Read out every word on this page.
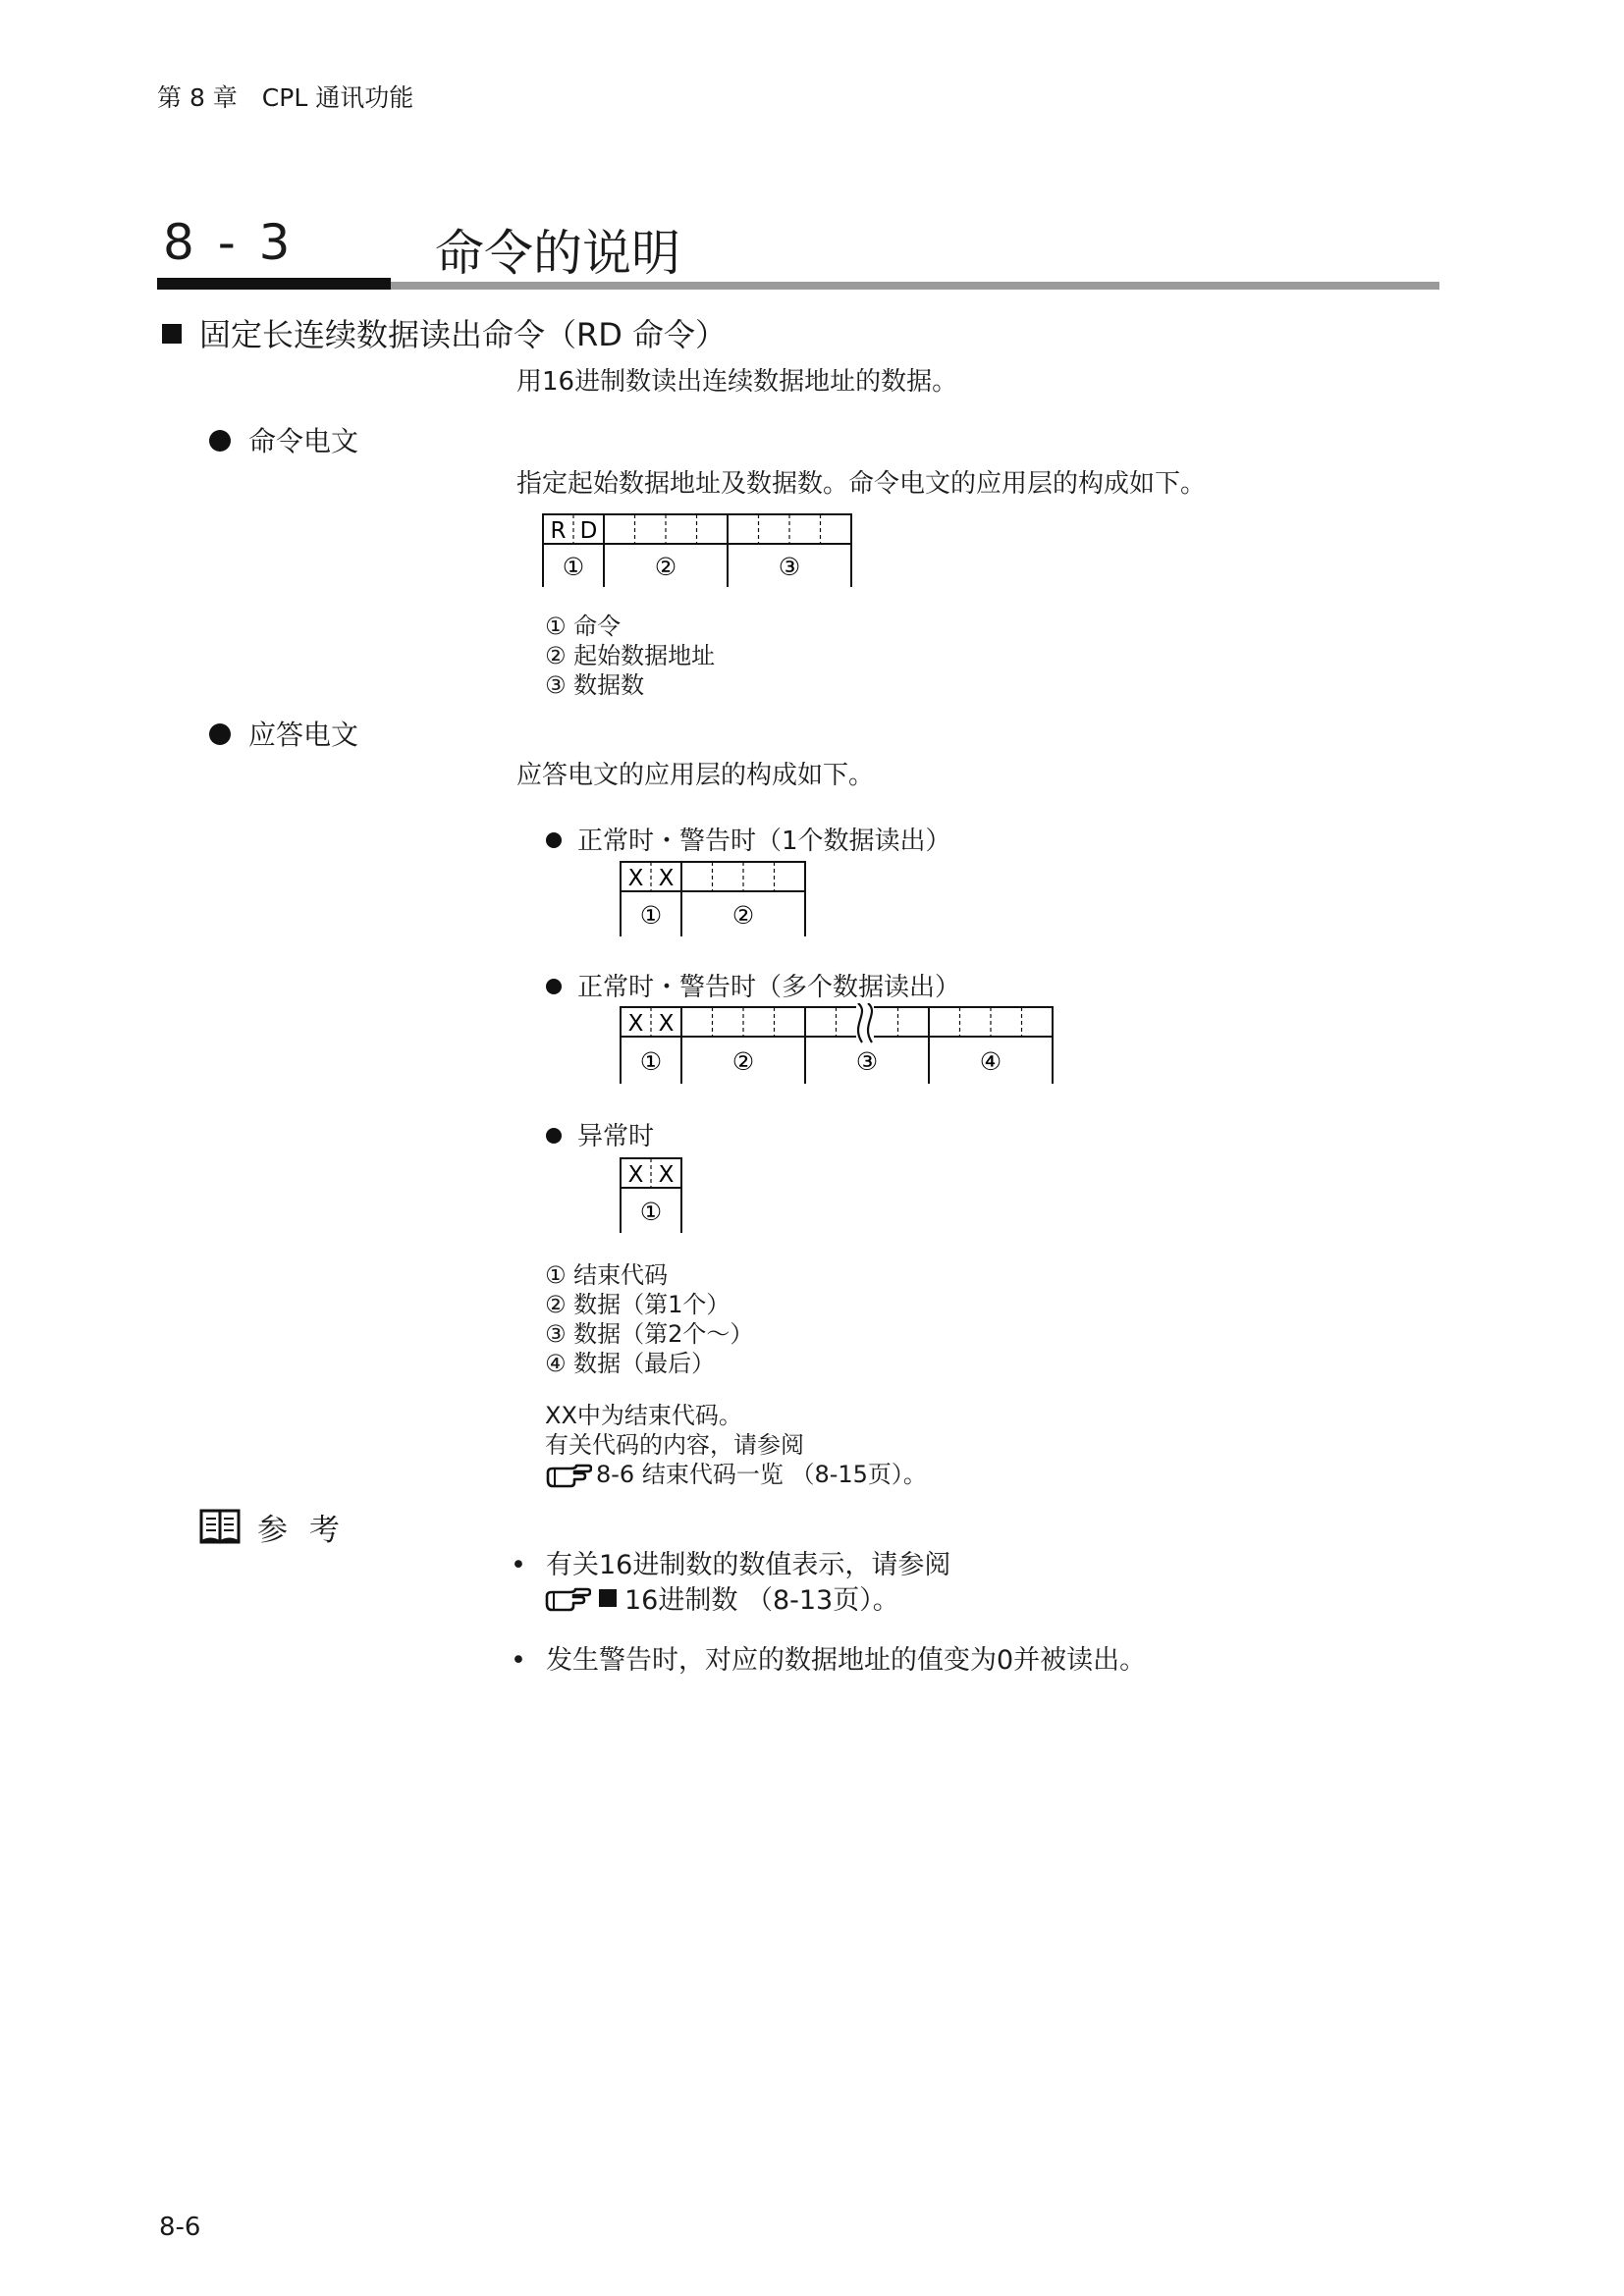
第 8 章　CPL 通讯功能
8 - 3	命令的说明
固定长连续数据读出命令（RD 命令）
用16进制数读出连续数据地址的数据。
命令电文
指定起始数据地址及数据数。命令电文的应用层的构成如下。
R D
①	②	③
① 命令
② 起始数据地址
③ 数据数
应答电文
应答电文的应用层的构成如下。
正常时・警告时（1个数据读出）
X X
①	②
正常时・警告时（多个数据读出）
X X
①	②	③	④
异常时
X X
①
① 结束代码
② 数据（第1个）
③ 数据（第2个～）
④ 数据（最后）
XX中为结束代码。
有关代码的内容，请参阅
8-6 结束代码一览 （8-15页）。
参 考
• 有关16进制数的数值表示，请参阅
16进制数 （8-13页）。
• 发生警告时，对应的数据地址的值变为0并被读出。
8-6
